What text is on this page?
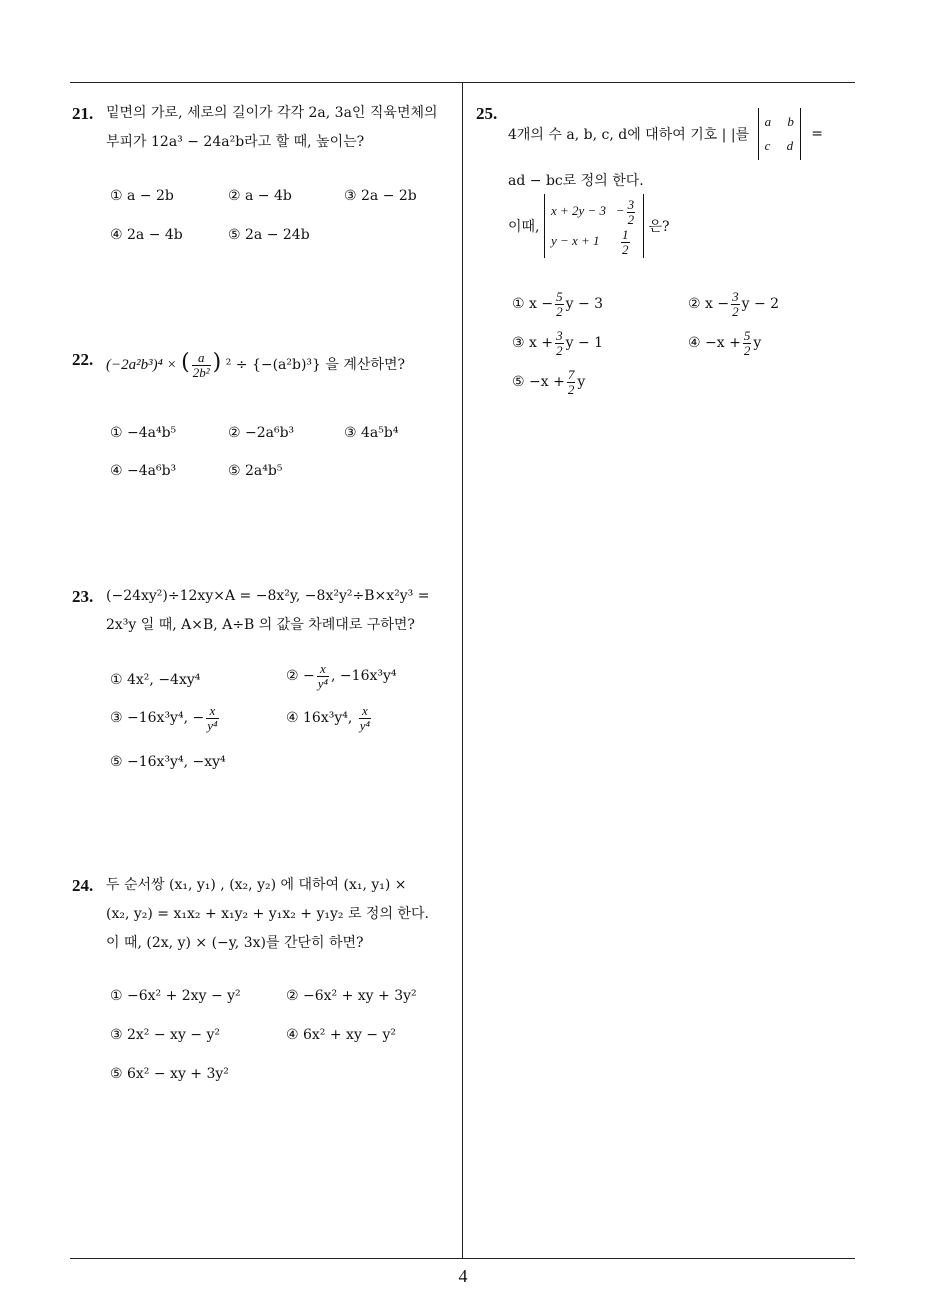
21. 밑면의 가로, 세로의 길이가 각각 2a, 3a인 직육면체의
부피가 12a³ − 24a²b라고 할 때, 높이는?
① a − 2b	② a − 4b	③ 2a − 2b
④ 2a − 4b	⑤ 2a − 24b
22. (−2a²b³)⁴ × ( $\frac{a}{\text{2b²}}$ ) ² ÷ {−(a²b)³} 을 계산하면?
① −4a⁴b⁵	② −2a⁶b³	③ 4a⁵b⁴
④ −4a⁶b³	⑤ 2a⁴b⁵
23. (−24xy²)÷12xy×A = −8x²y, −8x²y²÷B×x²y³ =
2x³y 일 때, A×B, A÷B 의 값을 차례대로 구하면?
① 4x², −4xy⁴	② − $\frac{x}{\text{y⁴}}$ , −16x³y⁴
③ −16x³y⁴, − $\frac{x}{\text{y⁴}}$	④ 16x³y⁴, $\frac{x}{\text{y⁴}}$
⑤ −16x³y⁴, −xy⁴
24. 두 순서쌍 (x₁, y₁) , (x₂, y₂) 에 대하여 (x₁, y₁) ×
(x₂, y₂) = x₁x₂ + x₁y₂ + y₁x₂ + y₁y₂ 로 정의 한다.
이 때, (2x, y) × (−y, 3x)를 간단히 하면?
① −6x² + 2xy − y²	② −6x² + xy + 3y²
③ 2x² − xy − y²	④ 6x² + xy − y²
⑤ 6x² − xy + 3y²
25.
4개의 수 a, b, c, d에 대하여 기호 | |를 a b
c d =
ad − bc로 정의 한다.
이때, $x + 2y - 3 - \frac{3}{2}$

$y - x + 1 \frac{1}{2}$
은?
① $x - \frac{5}{2}$ y − 3	② $x - \frac{3}{2}$ y − 2
③ $x + \frac{3}{2}$ y − 1	④ $-x + \frac{5}{2}$ y
⑤ $-x + \frac{7}{2}$ y
4
